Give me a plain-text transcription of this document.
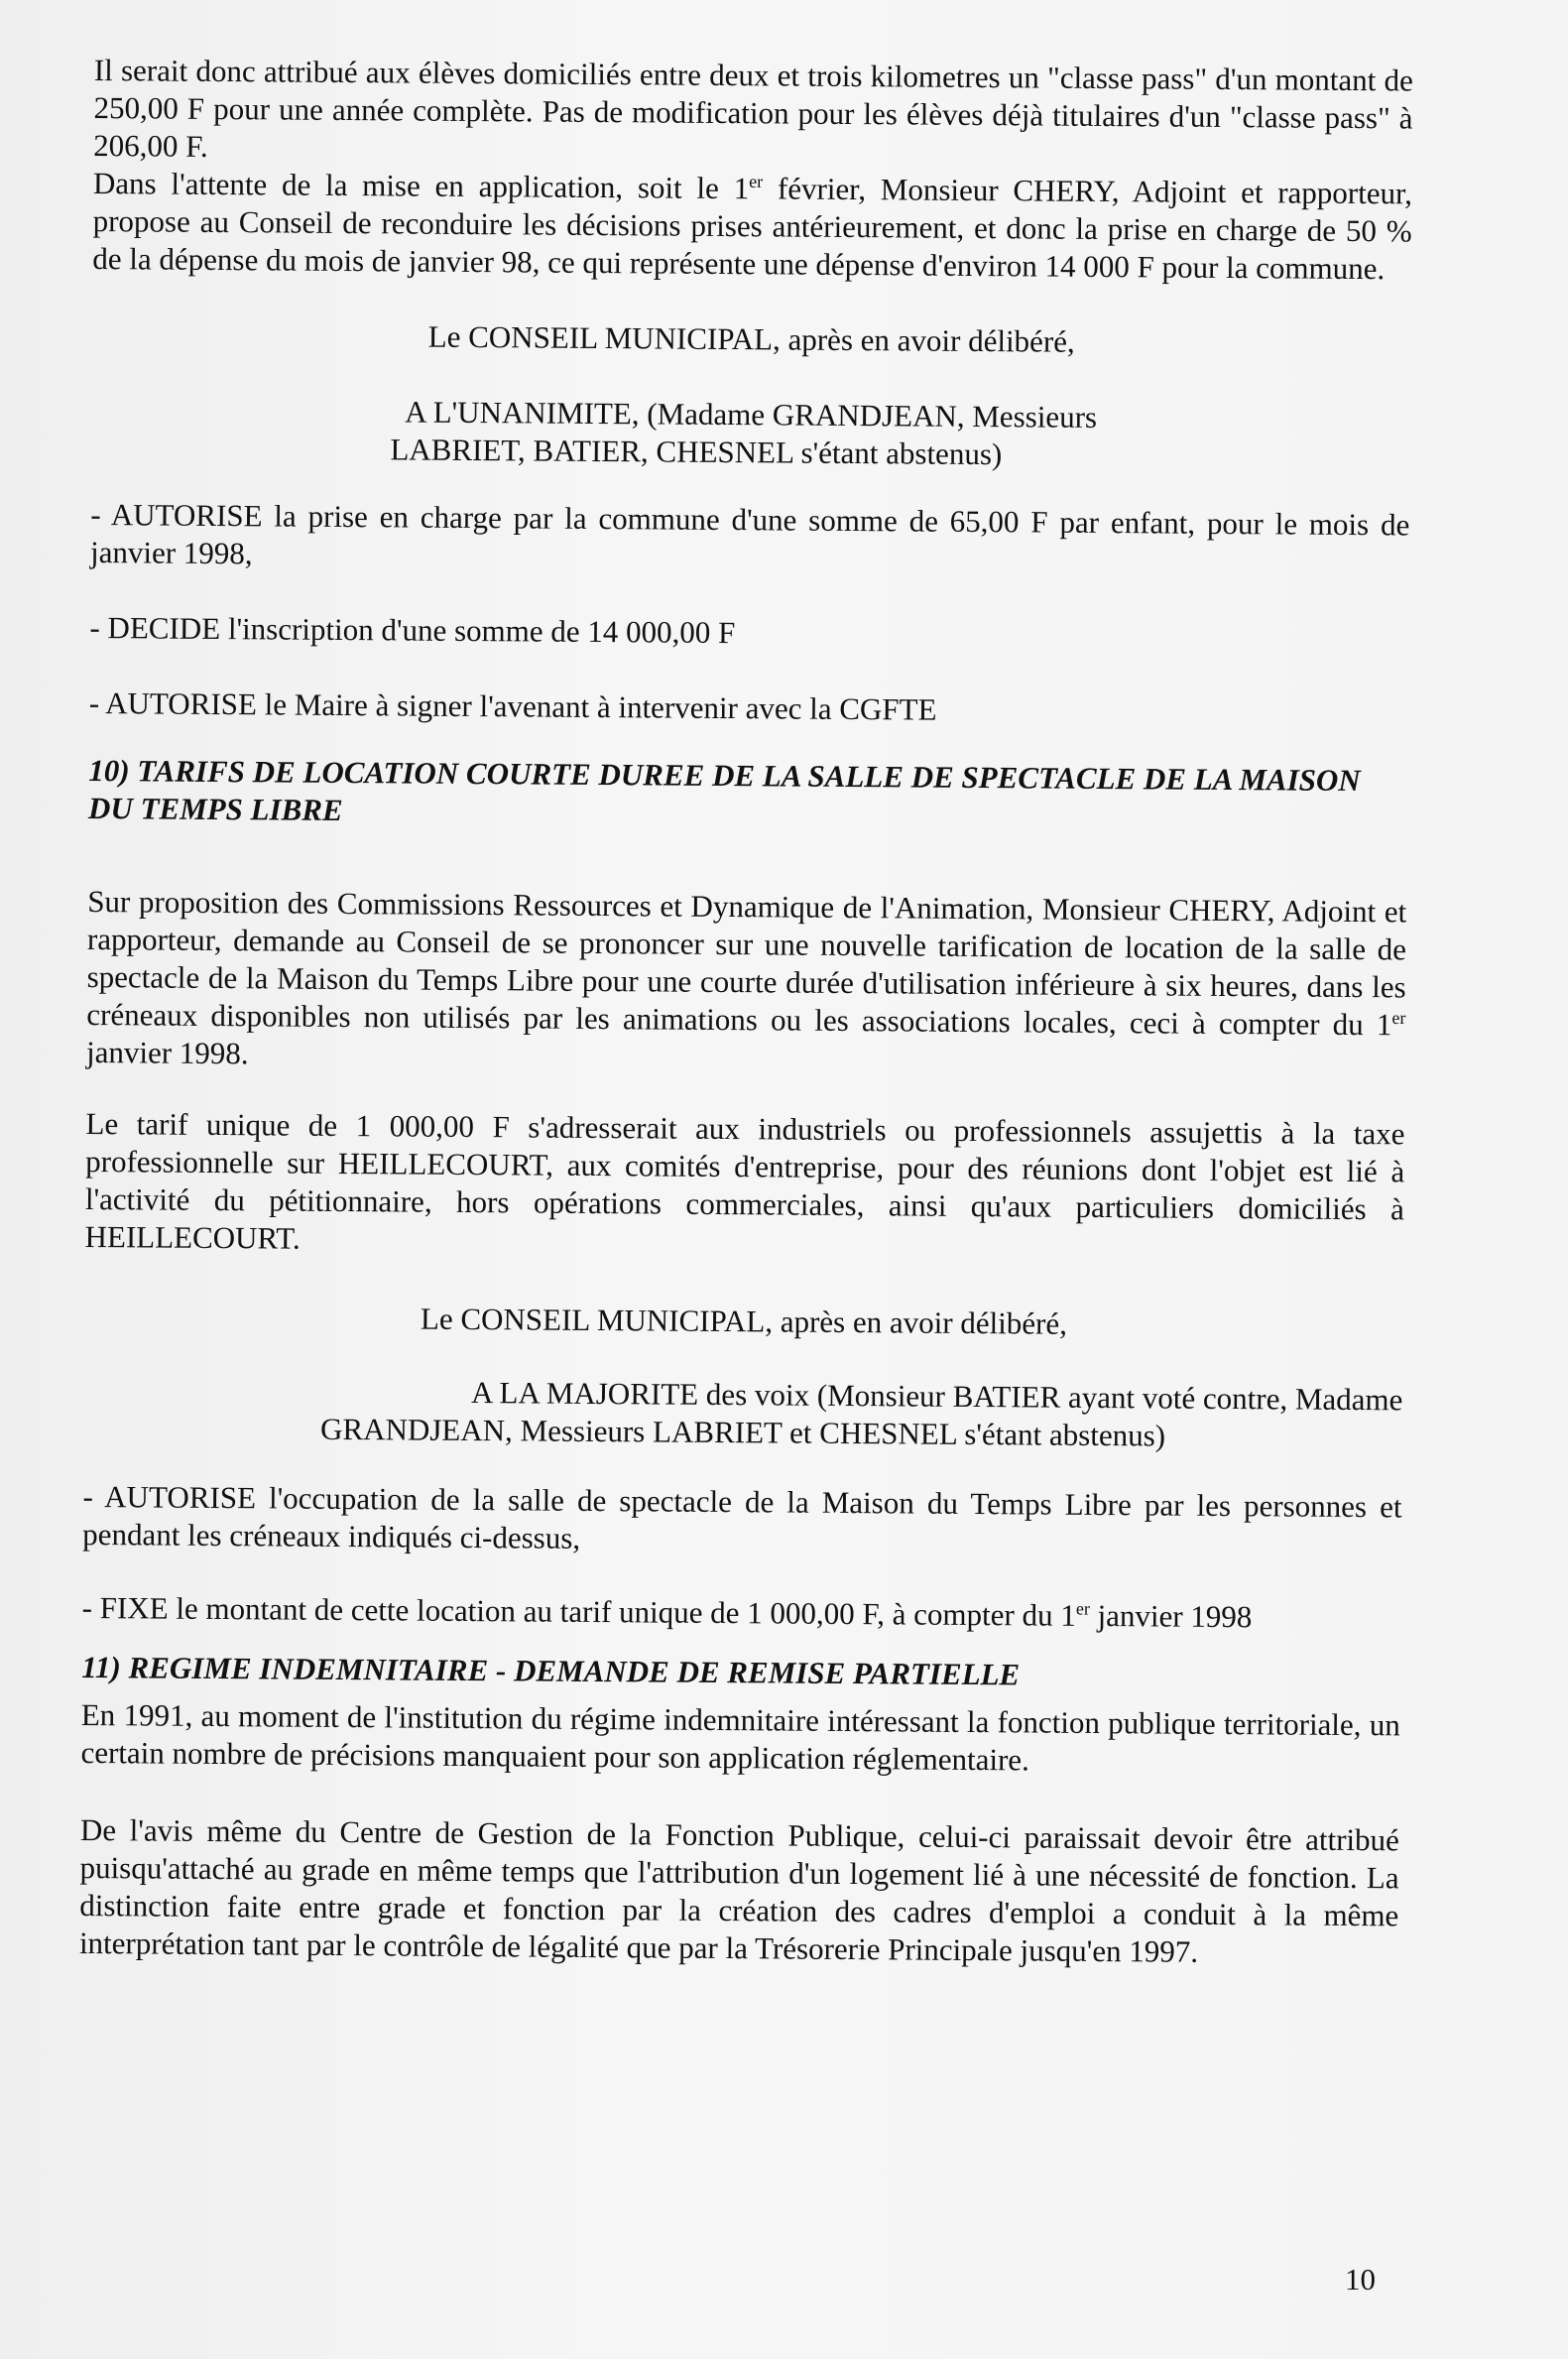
Il serait donc attribué aux élèves domiciliés entre deux et trois kilometres un "classe pass" d'un montant de 250,00 F pour une année complète. Pas de modification pour les élèves déjà titulaires d'un "classe pass" à 206,00 F.

Dans l'attente de la mise en application, soit le 1er février, Monsieur CHERY, Adjoint et rapporteur, propose au Conseil de reconduire les décisions prises antérieurement, et donc la prise en charge de 50 % de la dépense du mois de janvier 98, ce qui représente une dépense d'environ 14 000 F pour la commune.

Le CONSEIL MUNICIPAL, après en avoir délibéré,

A L'UNANIMITE, (Madame GRANDJEAN, Messieurs

LABRIET, BATIER, CHESNEL s'étant abstenus)

- AUTORISE la prise en charge par la commune d'une somme de 65,00 F par enfant, pour le mois de janvier 1998,

- DECIDE l'inscription d'une somme de 14 000,00 F

- AUTORISE le Maire à signer l'avenant à intervenir avec la CGFTE

10) TARIFS DE LOCATION COURTE DUREE DE LA SALLE DE SPECTACLE DE LA MAISON DU TEMPS LIBRE

Sur proposition des Commissions Ressources et Dynamique de l'Animation, Monsieur CHERY, Adjoint et rapporteur, demande au Conseil de se prononcer sur une nouvelle tarification de location de la salle de spectacle de la Maison du Temps Libre pour une courte durée d'utilisation inférieure à six heures, dans les créneaux disponibles non utilisés par les animations ou les associations locales, ceci à compter du 1er janvier 1998.

Le tarif unique de 1 000,00 F s'adresserait aux industriels ou professionnels assujettis à la taxe professionnelle sur HEILLECOURT, aux comités d'entreprise, pour des réunions dont l'objet est lié à l'activité du pétitionnaire, hors opérations commerciales, ainsi qu'aux particuliers domiciliés à HEILLECOURT.

Le CONSEIL MUNICIPAL, après en avoir délibéré,

A LA MAJORITE des voix (Monsieur BATIER ayant voté contre, Madame

GRANDJEAN, Messieurs LABRIET et CHESNEL s'étant abstenus)

- AUTORISE l'occupation de la salle de spectacle de la Maison du Temps Libre par les personnes et pendant les créneaux indiqués ci-dessus,

- FIXE le montant de cette location au tarif unique de 1 000,00 F, à compter du 1er janvier 1998

11) REGIME INDEMNITAIRE - DEMANDE DE REMISE PARTIELLE

En 1991, au moment de l'institution du régime indemnitaire intéressant la fonction publique territoriale, un certain nombre de précisions manquaient pour son application réglementaire.

De l'avis même du Centre de Gestion de la Fonction Publique, celui-ci paraissait devoir être attribué puisqu'attaché au grade en même temps que l'attribution d'un logement lié à une nécessité de fonction. La distinction faite entre grade et fonction par la création des cadres d'emploi a conduit à la même interprétation tant par le contrôle de légalité que par la Trésorerie Principale jusqu'en 1997.

10
